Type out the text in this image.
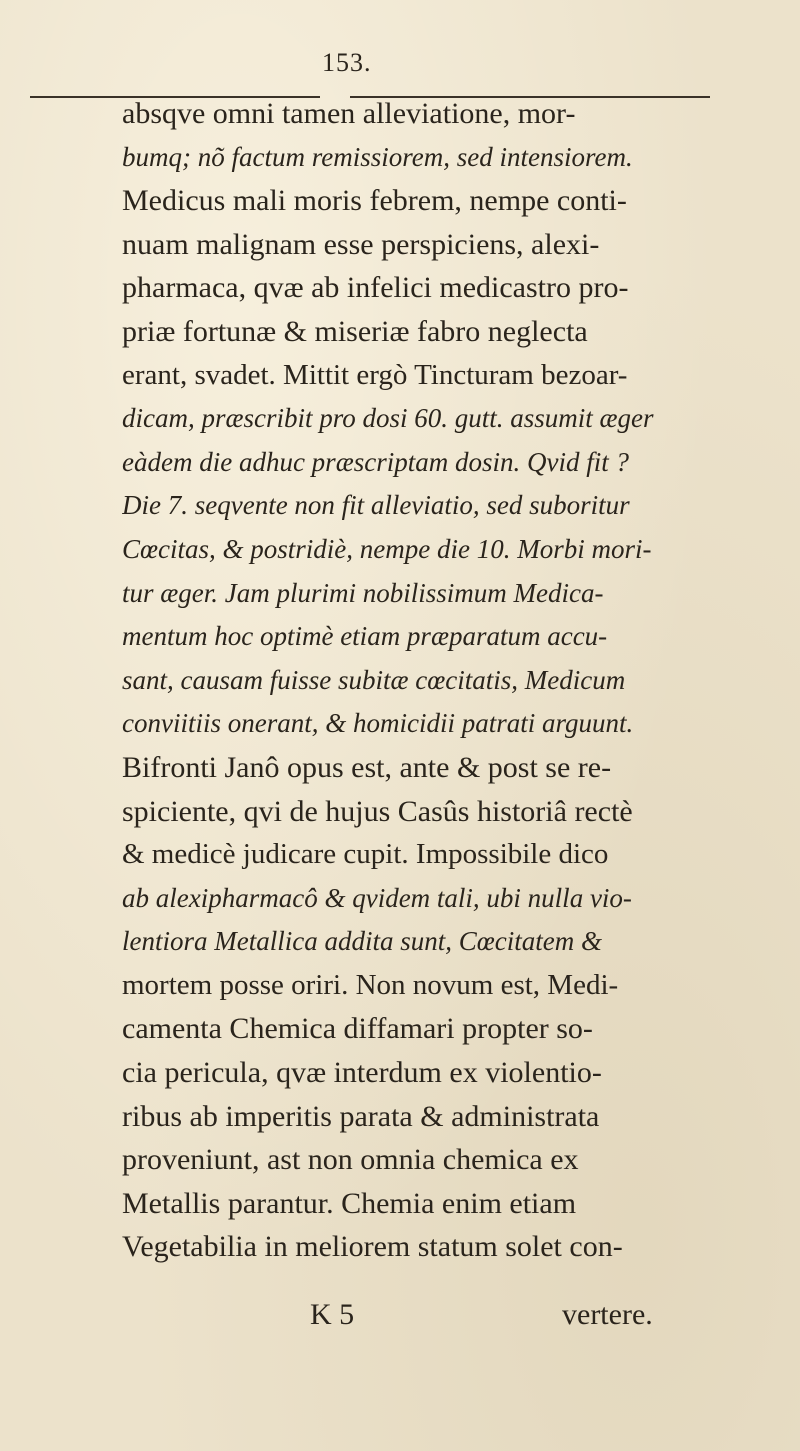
153.
absqve omni tamen alleviatione, mor-
bumq; nõ factum remissiorem, sed intensiorem.
Medicus mali moris febrem, nempe conti-
nuam malignam esse perspiciens, alexi-
pharmaca, qvæ ab infelici medicastro pro-
priæ fortunæ & miseriæ fabro neglecta
erant, svadet. Mittit ergò Tincturam bezoar-
dicam, præscribit pro dosi 60. gutt. assumit æger
eàdem die adhuc præscriptam dosin. Qvid fit ?
Die 7. seqvente non fit alleviatio, sed suboritur
Cœcitas, & postridiè, nempe die 10. Morbi mori-
tur æger. Jam plurimi nobilissimum Medica-
mentum hoc optimè etiam præparatum accu-
sant, causam fuisse subitæ cœcitatis, Medicum
conviitiis onerant, & homicidii patrati arguunt.
Bifronti Janô opus est, ante & post se re-
spiciente, qvi de hujus Casûs historiâ rectè
& medicè judicare cupit. Impossibile dico
ab alexipharmacô & qvidem tali, ubi nulla vio-
lentiora Metallica addita sunt, Cœcitatem &
mortem posse oriri. Non novum est, Medi-
camenta Chemica diffamari propter so-
cia pericula, qvæ interdum ex violentio-
ribus ab imperitis parata & administrata
proveniunt, ast non omnia chemica ex
Metallis parantur. Chemia enim etiam
Vegetabilia in meliorem statum solet con-
K 5	vertere.
